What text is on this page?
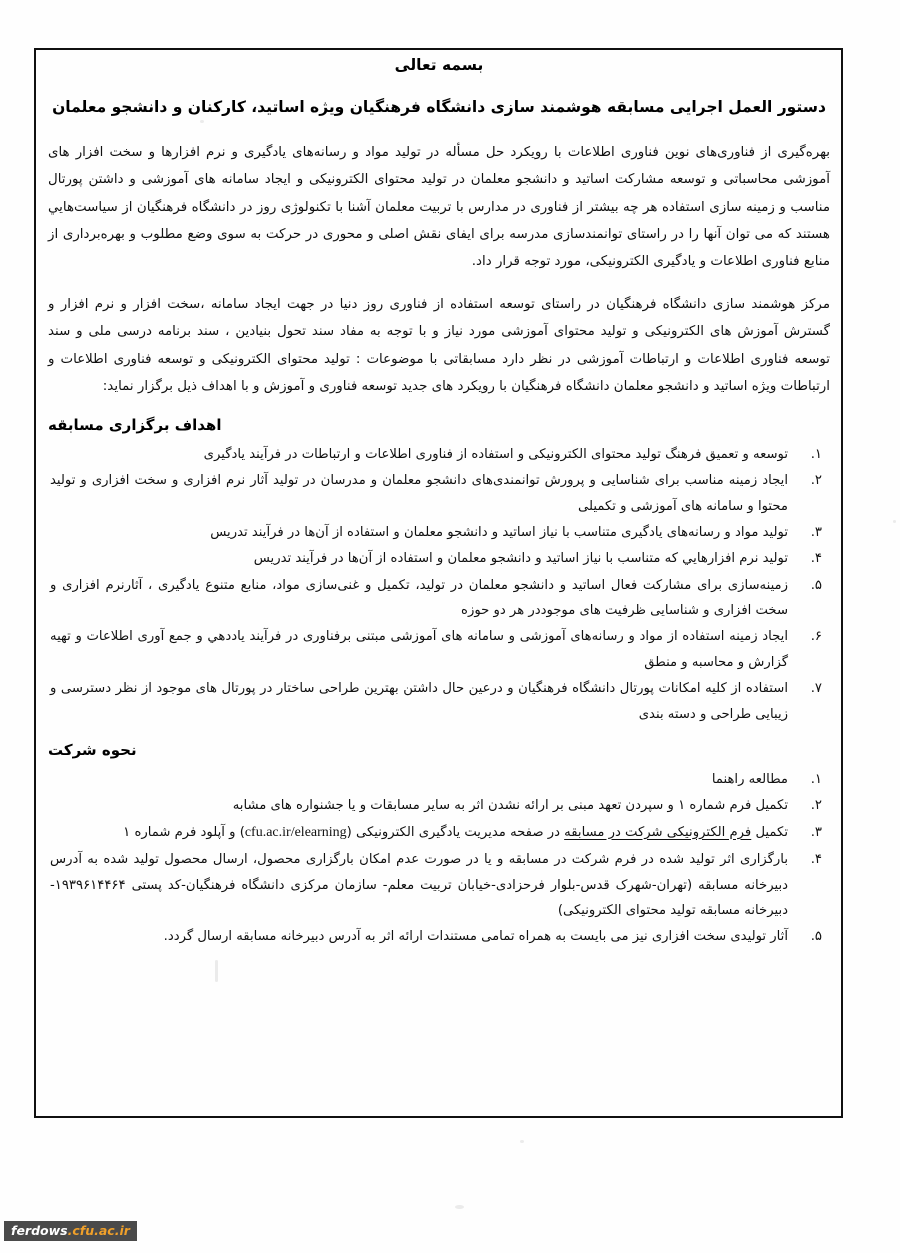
بسمه تعالی
دستور العمل اجرایی مسابقه هوشمند سازی دانشگاه فرهنگیان ویژه اساتید، کارکنان و دانشجو معلمان

بهره‌گیری از فناوری‌های نوین فناوری اطلاعات با رویکرد حل مسأله در تولید مواد و رسانه‌های یادگیری و نرم افزارها و سخت افزار های آموزشی محاسباتی و توسعه مشارکت اساتید و دانشجو معلمان در تولید محتوای الکترونیکی و ایجاد سامانه های آموزشی و داشتن پورتال مناسب و زمینه سازی استفاده هر چه بیشتر از فناوری در مدارس با تربیت معلمان آشنا با تکنولوژی روز در دانشگاه فرهنگیان از سیاست‌هایي هستند که می توان آنها را در راستای توانمندسازی مدرسه برای ایفای نقش اصلی و محوری در حرکت به سوی وضع مطلوب و بهره‌برداری از منابع فناوری اطلاعات و یادگیری الکترونیکی، مورد توجه قرار داد.

مرکز هوشمند سازی دانشگاه فرهنگیان در راستای توسعه استفاده از فناوری روز دنیا در جهت ایجاد سامانه ،سخت افزار و نرم افزار و گسترش آموزش های الکترونیکی و تولید محتوای آموزشی مورد نیاز و با توجه به مفاد سند تحول بنیادین ، سند برنامه درسی ملی و سند توسعه فناوری اطلاعات و ارتباطات آموزشی در نظر دارد مسابقاتی با موضوعات : تولید محتوای الکترونیکی و توسعه فناوری اطلاعات و ارتباطات ویژه اساتید و دانشجو معلمان دانشگاه فرهنگیان با رویکرد های جدید توسعه فناوری و آموزش و با اهداف ذیل برگزار نماید:

اهداف برگزاری مسابقه
۱.
توسعه و تعمیق فرهنگ تولید محتوای الکترونیکی و استفاده از فناوری اطلاعات و ارتباطات در فرآیند یادگیری
۲.
ایجاد زمینه مناسب برای شناسایی و پرورش توانمندی‌های دانشجو معلمان و مدرسان در تولید آثار نرم افزاری و سخت افزاری و تولید محتوا و سامانه های آموزشی و تکمیلی
۳.
تولید مواد و رسانه‌های یادگیری متناسب با نیاز اساتید و دانشجو معلمان و استفاده از آن‌ها در فرآیند تدریس
۴.
تولید نرم افزارهایي که متناسب با نیاز اساتید و دانشجو معلمان و استفاده از آن‌ها در فرآیند تدریس
۵.
زمینه‌سازی برای مشارکت فعال اساتید و دانشجو معلمان در تولید، تکمیل و غنی‌سازی مواد، منابع متنوع یادگیری ، آثارنرم افزاری و سخت افزاری و شناسایی ظرفیت های موجوددر هر دو حوزه
۶.
ایجاد زمینه استفاده از مواد و رسانه‌های آموزشی و سامانه های آموزشی مبتنی برفناوری در فرآیند یاددهي و جمع آوری اطلاعات و تهیه گزارش و محاسبه و منطق
۷.
استفاده از کلیه امکانات پورتال دانشگاه فرهنگیان و درعین حال داشتن بهترین طراحی ساختار در پورتال های موجود از نظر دسترسی و زیبایی طراحی و دسته بندی
نحوه شرکت
۱.
مطالعه راهنما
۲.
تکمیل فرم شماره ۱ و سپردن تعهد مبنی بر ارائه نشدن اثر به سایر مسابقات و یا جشنواره های مشابه
۳.
تکمیل فرم الکترونیکی شرکت در مسابقه در صفحه مدیریت یادگیری الکترونیکی (cfu.ac.ir/elearning) و آپلود فرم شماره ۱
۴.
بارگزاری اثر تولید شده در فرم شرکت در مسابقه و یا در صورت عدم امکان بارگزاری محصول، ارسال محصول تولید شده به آدرس دبیرخانه مسابقه (تهران-شهرک قدس-بلوار فرحزادی-خیابان تربیت معلم- سازمان مرکزی دانشگاه فرهنگیان-کد پستی ۱۹۳۹۶۱۴۴۶۴-دبیرخانه مسابقه تولید محتوای الکترونیکی)
۵.
آثار تولیدی سخت افزاری نیز می بایست به همراه تمامی مستندات ارائه اثر به آدرس دبیرخانه مسابقه ارسال گردد.
ferdows.cfu.ac.ir
